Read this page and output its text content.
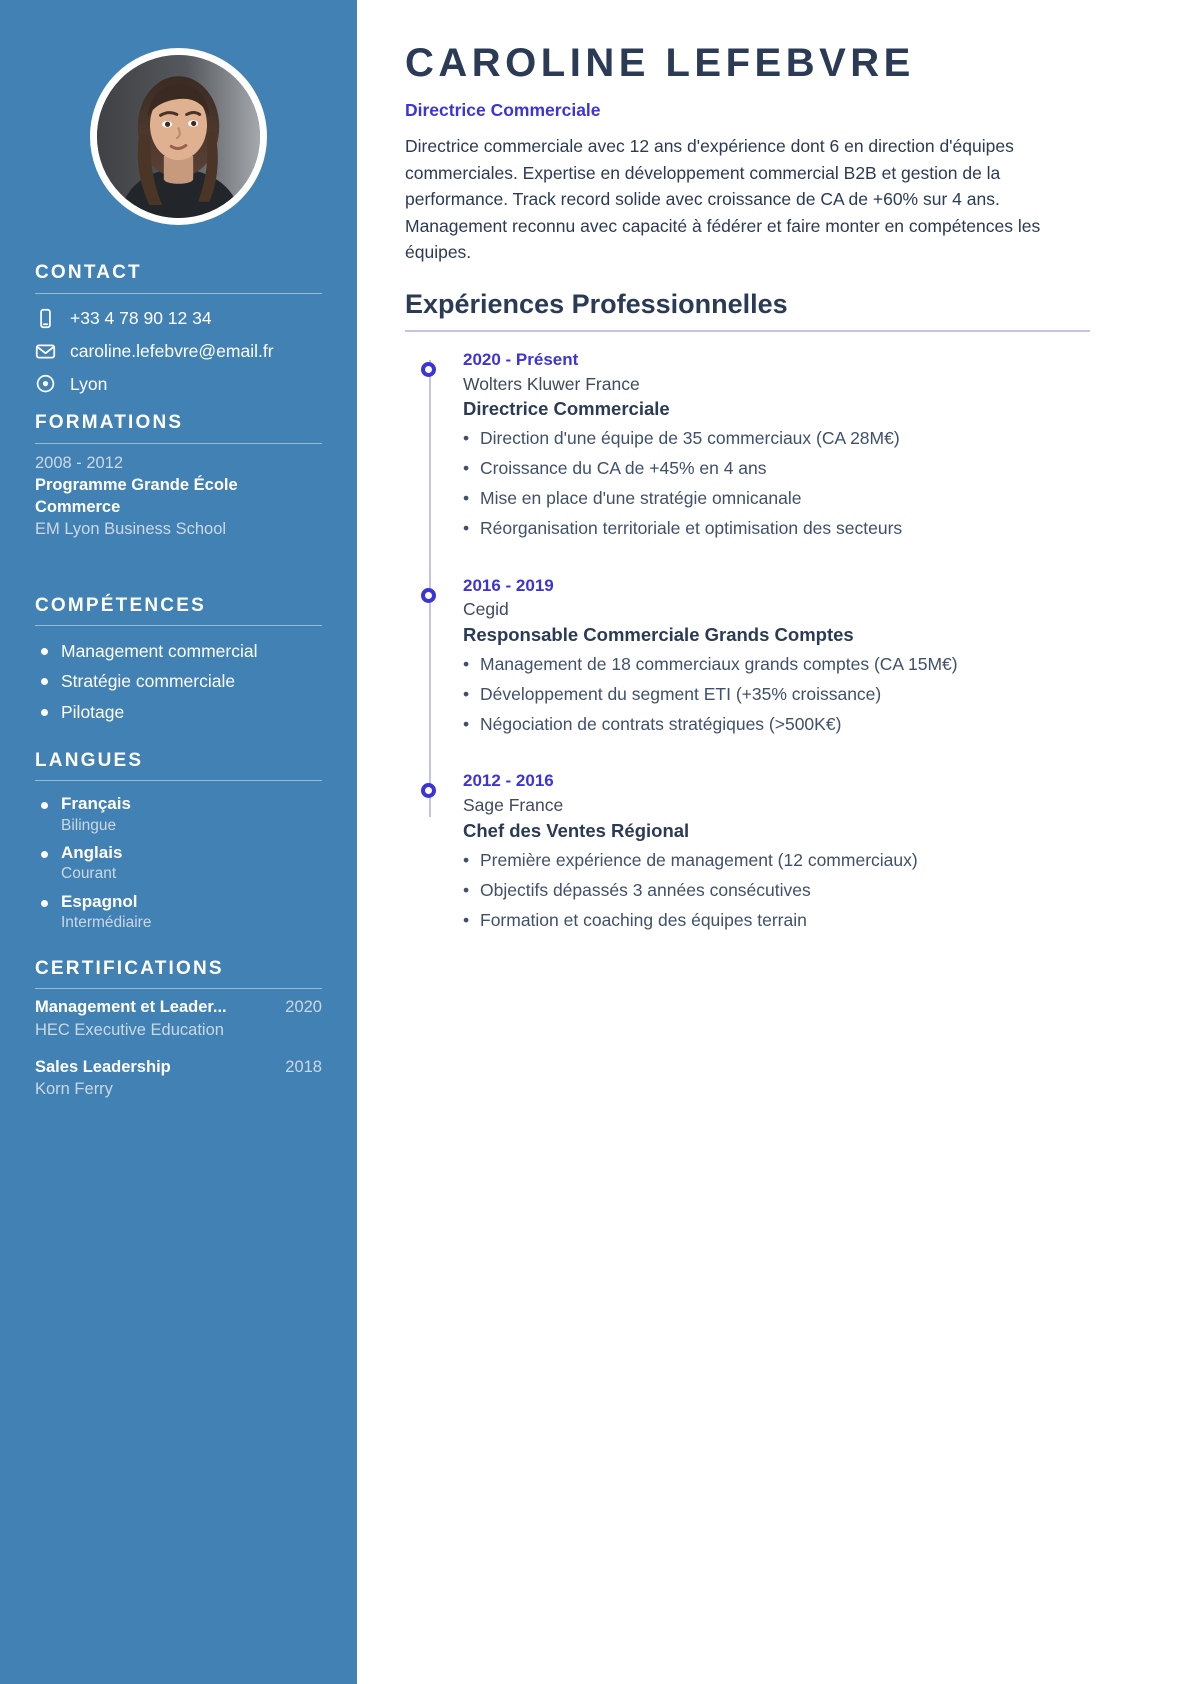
CONTACT
+33 4 78 90 12 34
caroline.lefebvre@email.fr
Lyon
FORMATIONS
2008 - 2012
Programme Grande École Commerce
EM Lyon Business School
COMPÉTENCES
Management commercial
Stratégie commerciale
Pilotage
LANGUES
Français
Bilingue
Anglais
Courant
Espagnol
Intermédiaire
CERTIFICATIONS
Management et Leader...	2020
HEC Executive Education
Sales Leadership	2018
Korn Ferry
CAROLINE LEFEBVRE
Directrice Commerciale

Directrice commerciale avec 12 ans d'expérience dont 6 en direction d'équipes commerciales. Expertise en développement commercial B2B et gestion de la performance. Track record solide avec croissance de CA de +60% sur 4 ans. Management reconnu avec capacité à fédérer et faire monter en compétences les équipes.

Expériences Professionnelles
2020 - Présent
Wolters Kluwer France
Directrice Commerciale
• Direction d'une équipe de 35 commerciaux (CA 28M€)
• Croissance du CA de +45% en 4 ans
• Mise en place d'une stratégie omnicanale
• Réorganisation territoriale et optimisation des secteurs
2016 - 2019
Cegid
Responsable Commerciale Grands Comptes
• Management de 18 commerciaux grands comptes (CA 15M€)
• Développement du segment ETI (+35% croissance)
• Négociation de contrats stratégiques (>500K€)
2012 - 2016
Sage France
Chef des Ventes Régional
• Première expérience de management (12 commerciaux)
• Objectifs dépassés 3 années consécutives
• Formation et coaching des équipes terrain
